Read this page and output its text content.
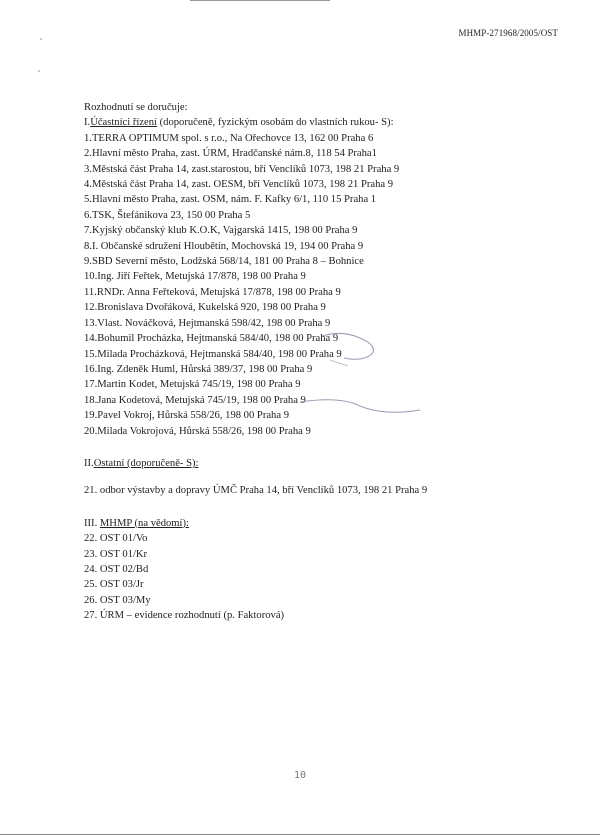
MHMP-271968/2005/OST
Rozhodnutí se doručuje:
I.Účastníci řízení (doporučeně, fyzickým osobám do vlastních rukou- S):
1.TERRA OPTIMUM spol. s r.o., Na Ořechovce 13, 162 00 Praha 6
2.Hlavní město Praha, zast. ÚRM, Hradčanské nám.8, 118 54 Praha1
3.Městská část Praha 14, zast.starostou, bří Venclíků 1073, 198 21 Praha 9
4.Městská část Praha 14, zast. OESM, bří Venclíků 1073, 198 21 Praha 9
5.Hlavní město Praha, zast. OSM, nám. F. Kafky 6/1, 110 15 Praha 1
6.TSK, Štefánikova 23, 150 00 Praha 5
7.Kyjský občanský klub K.O.K, Vajgarská 1415, 198 00 Praha 9
8.I. Občanské sdružení Hloubětín, Mochovská 19, 194 00 Praha 9
9.SBD Severní město, Lodžská 568/14, 181 00 Praha 8 – Bohnice
10.Ing. Jiří Feřtek, Metujská 17/878, 198 00 Praha 9
11.RNDr. Anna Feřteková, Metujská 17/878, 198 00 Praha 9
12.Bronislava Dvořáková, Kukelská 920, 198 00 Praha 9
13.Vlast. Nováčková, Hejtmanská 598/42, 198 00 Praha 9
14.Bohumil Procházka, Hejtmanská 584/40, 198 00 Praha 9
15.Milada Procházková, Hejtmanská 584/40, 198 00 Praha 9
16.Ing. Zdeněk Huml, Hůrská 389/37, 198 00 Praha 9
17.Martin Kodet, Metujská 745/19, 198 00 Praha 9
18.Jana Kodetová, Metujská 745/19, 198 00 Praha 9
19.Pavel Vokroj, Hůrská 558/26, 198 00 Praha 9
20.Milada Vokrojová, Hůrská 558/26, 198 00 Praha 9
II.Ostatní (doporučeně- S):
21. odbor výstavby a dopravy ÚMČ Praha 14, bří Venclíků 1073, 198 21 Praha 9
III. MHMP (na vědomí):
22. OST 01/Vo
23. OST 01/Kr
24. OST 02/Bd
25. OST 03/Jr
26. OST 03/My
27. ÚRM – evidence rozhodnutí (p. Faktorová)
10
